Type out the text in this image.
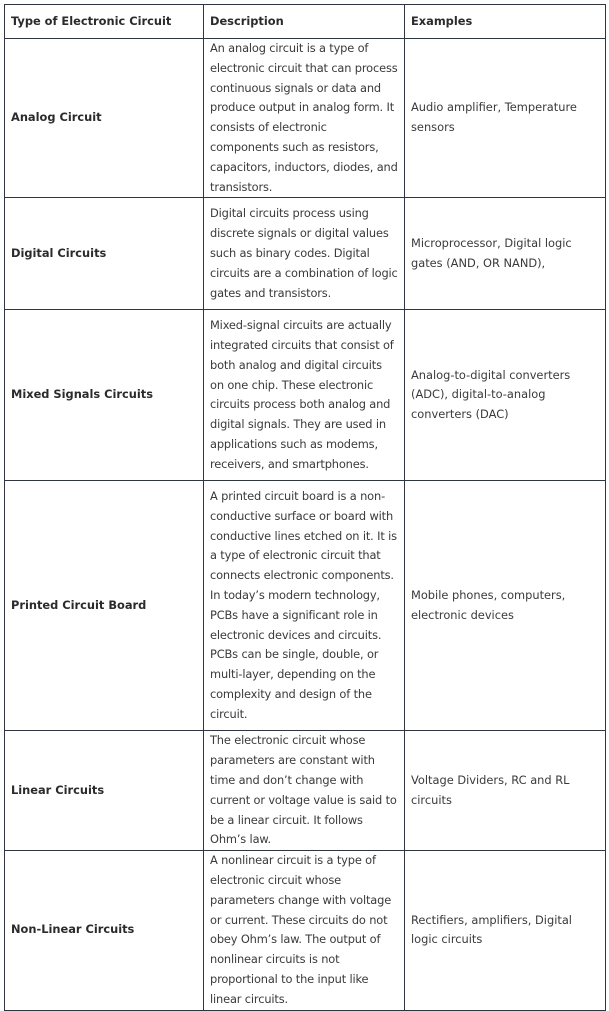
Type of Electronic Circuit	Description	Examples
Analog Circuit	An analog circuit is a type of electronic circuit that can process continuous signals or data and produce output in analog form. It consists of electronic components such as resistors, capacitors, inductors, diodes, and transistors.	Audio amplifier, Temperature sensors
Digital Circuits	Digital circuits process using discrete signals or digital values such as binary codes. Digital circuits are a combination of logic gates and transistors.	Microprocessor, Digital logic gates (AND, OR NAND),
Mixed Signals Circuits	Mixed-signal circuits are actually integrated circuits that consist of both analog and digital circuits on one chip. These electronic circuits process both analog and digital signals. They are used in applications such as modems, receivers, and smartphones.	Analog-to-digital converters (ADC), digital-to-analog converters (DAC)
Printed Circuit Board	A printed circuit board is a non-conductive surface or board with conductive lines etched on it. It is a type of electronic circuit that connects electronic components. In today’s modern technology, PCBs have a significant role in electronic devices and circuits. PCBs can be single, double, or multi-layer, depending on the complexity and design of the circuit.	Mobile phones, computers, electronic devices
Linear Circuits	The electronic circuit whose parameters are constant with time and don’t change with current or voltage value is said to be a linear circuit. It follows Ohm’s law.	Voltage Dividers, RC and RL circuits
Non-Linear Circuits	A nonlinear circuit is a type of electronic circuit whose parameters change with voltage or current. These circuits do not obey Ohm’s law. The output of nonlinear circuits is not proportional to the input like linear circuits.	Rectifiers, amplifiers, Digital logic circuits
